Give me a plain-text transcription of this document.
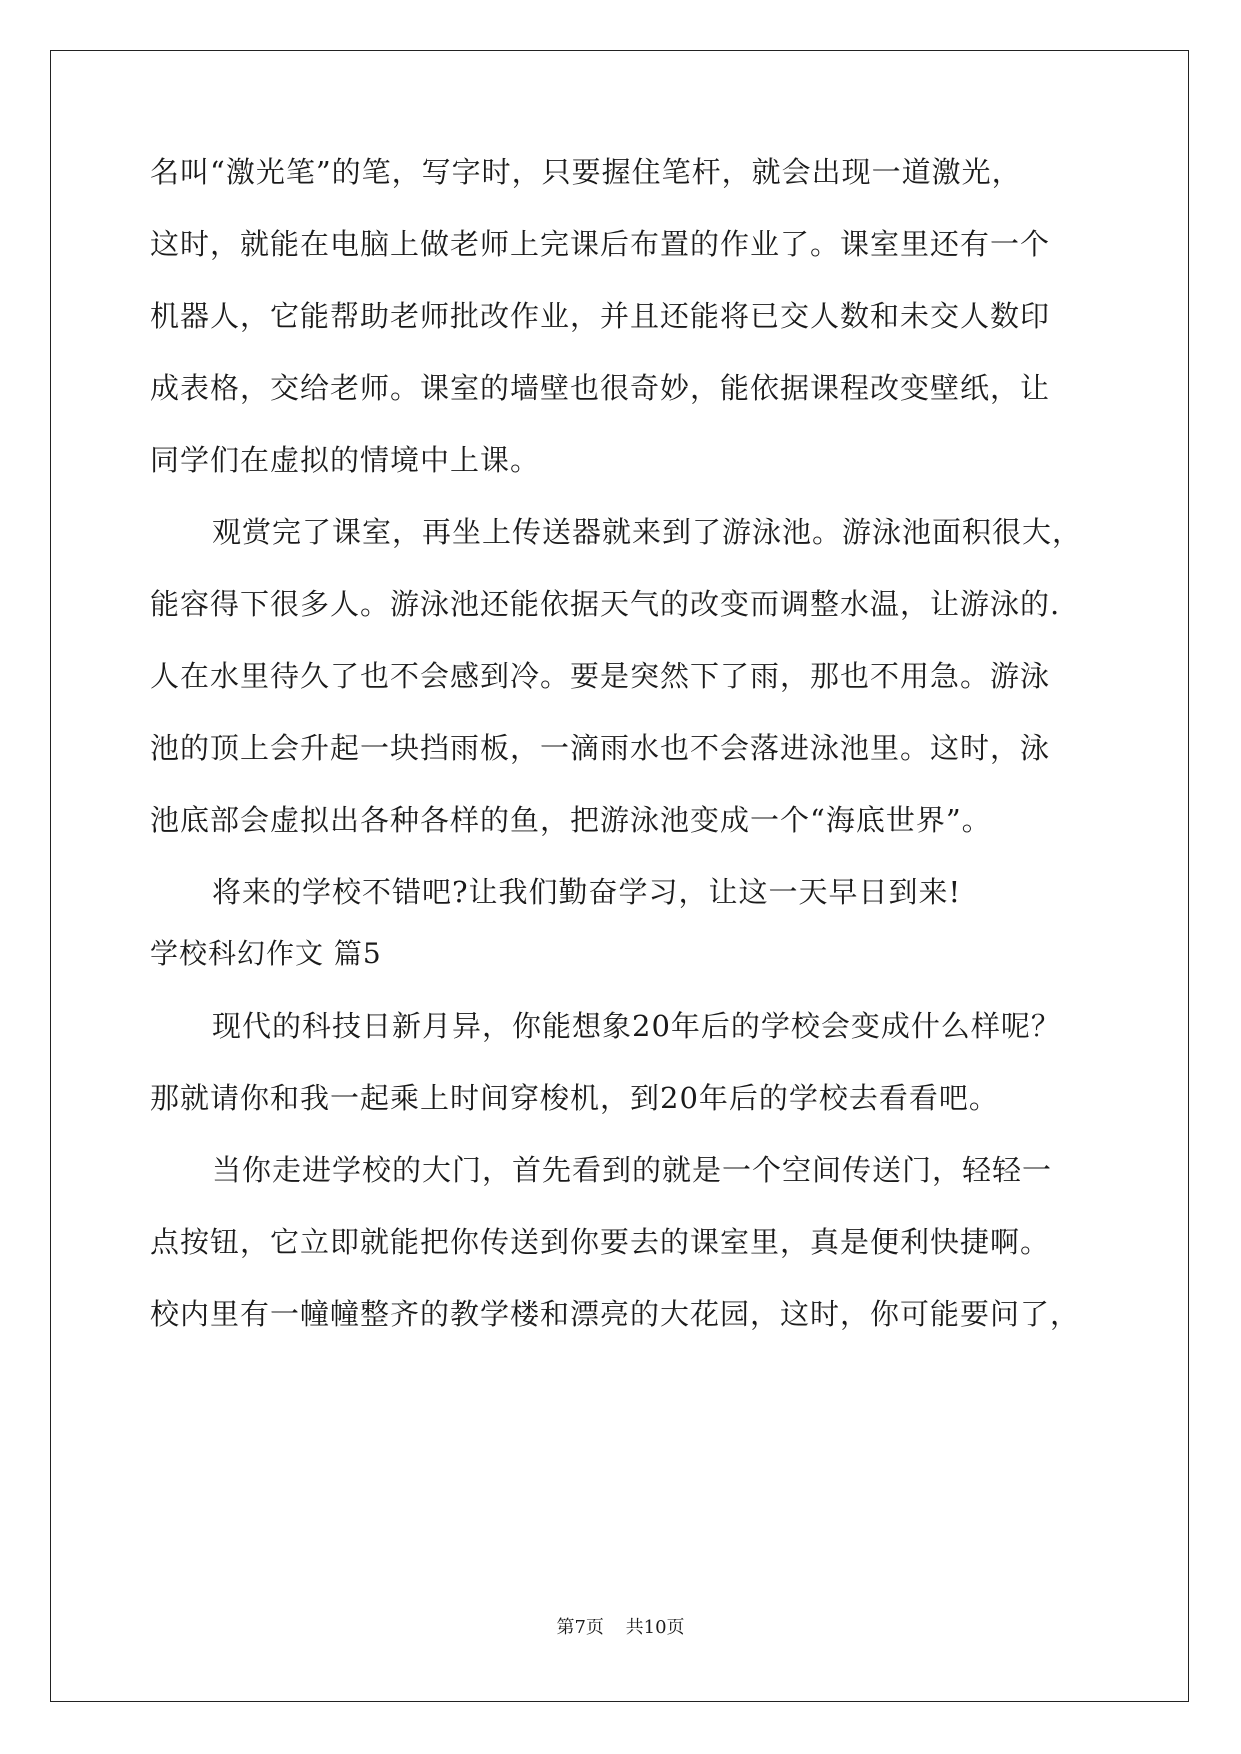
名叫“激光笔”的笔，写字时，只要握住笔杆，就会出现一道激光，
这时，就能在电脑上做老师上完课后布置的作业了。课室里还有一个
机器人，它能帮助老师批改作业，并且还能将已交人数和未交人数印
成表格，交给老师。课室的墙壁也很奇妙，能依据课程改变壁纸，让
同学们在虚拟的情境中上课。
观赏完了课室，再坐上传送器就来到了游泳池。游泳池面积很大，
能容得下很多人。游泳池还能依据天气的改变而调整水温，让游泳的.
人在水里待久了也不会感到冷。要是突然下了雨，那也不用急。游泳
池的顶上会升起一块挡雨板，一滴雨水也不会落进泳池里。这时，泳
池底部会虚拟出各种各样的鱼，把游泳池变成一个“海底世界”。
将来的学校不错吧?让我们勤奋学习，让这一天早日到来!
学校科幻作文 篇5
现代的科技日新月异，你能想象20年后的学校会变成什么样呢？
那就请你和我一起乘上时间穿梭机，到20年后的学校去看看吧。
当你走进学校的大门，首先看到的就是一个空间传送门，轻轻一
点按钮，它立即就能把你传送到你要去的课室里，真是便利快捷啊。
校内里有一幢幢整齐的教学楼和漂亮的大花园，这时，你可能要问了，
第7页 共10页
